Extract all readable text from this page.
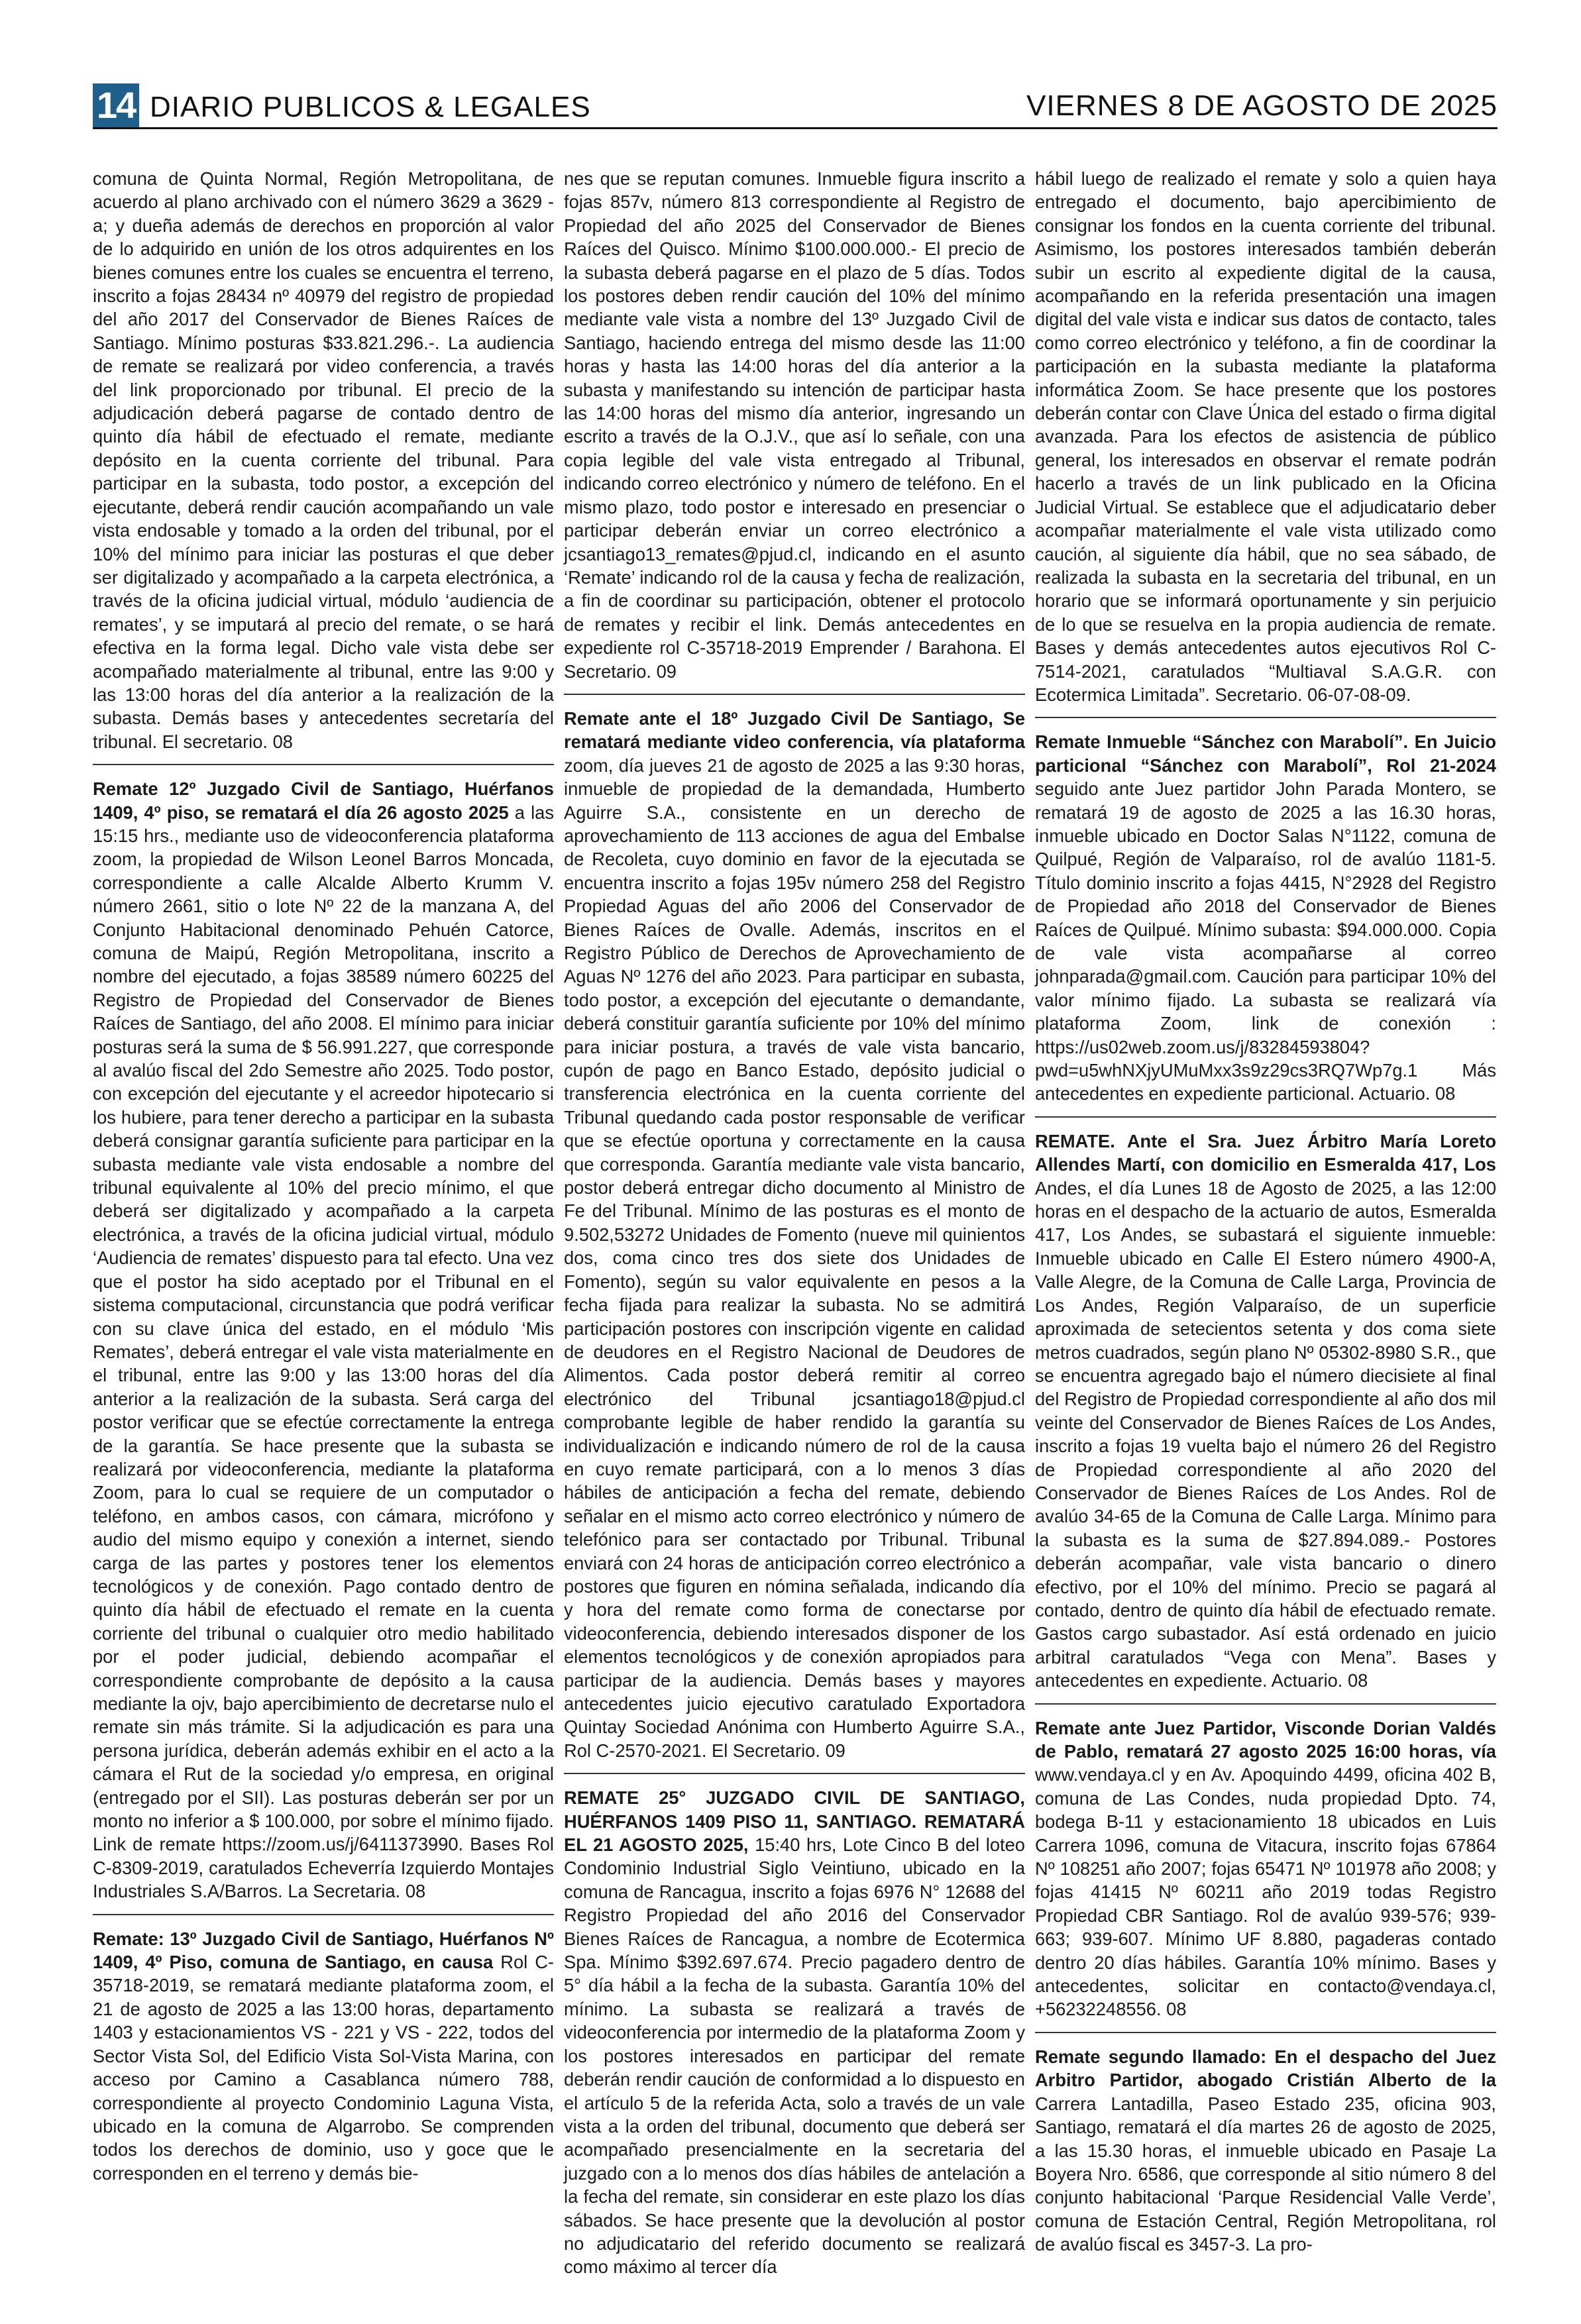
14 DIARIO PUBLICOS & LEGALES	VIERNES 8 DE AGOSTO DE 2025

comuna de Quinta Normal, Región Metropolitana, de acuerdo al plano archivado con el número 3629 a 3629 - a; y dueña además de derechos en proporción al valor de lo adquirido en unión de los otros adquirentes en los bienes comunes entre los cuales se encuentra el terreno, inscrito a fojas 28434 nº 40979 del registro de propiedad del año 2017 del Conservador de Bienes Raíces de Santiago. Mínimo posturas $33.821.296.-. La audiencia de remate se realizará por video conferencia, a través del link proporcionado por tribunal. El precio de la adjudicación deberá pagarse de contado dentro de quinto día hábil de efectuado el remate, mediante depósito en la cuenta corriente del tribunal. Para participar en la subasta, todo postor, a excepción del ejecutante, deberá rendir caución acompañando un vale vista endosable y tomado a la orden del tribunal, por el 10% del mínimo para iniciar las posturas el que deber ser digitalizado y acompañado a la carpeta electrónica, a través de la oficina judicial virtual, módulo ‘audiencia de remates’, y se imputará al precio del remate, o se hará efectiva en la forma legal. Dicho vale vista debe ser acompañado materialmente al tribunal, entre las 9:00 y las 13:00 horas del día anterior a la realización de la subasta. Demás bases y antecedentes secretaría del tribunal. El secretario. 08

Remate 12º Juzgado Civil de Santiago, Huérfanos 1409, 4º piso, se rematará el día 26 agosto 2025 a las 15:15 hrs., mediante uso de videoconferencia plataforma zoom, la propiedad de Wilson Leonel Barros Moncada, correspondiente a calle Alcalde Alberto Krumm V. número 2661, sitio o lote Nº 22 de la manzana A, del Conjunto Habitacional denominado Pehuén Catorce, comuna de Maipú, Región Metropolitana, inscrito a nombre del ejecutado, a fojas 38589 número 60225 del Registro de Propiedad del Conservador de Bienes Raíces de Santiago, del año 2008. El mínimo para iniciar posturas será la suma de $ 56.991.227, que corresponde al avalúo fiscal del 2do Semestre año 2025. Todo postor, con excepción del ejecutante y el acreedor hipotecario si los hubiere, para tener derecho a participar en la subasta deberá consignar garantía suficiente para participar en la subasta mediante vale vista endosable a nombre del tribunal equivalente al 10% del precio mínimo, el que deberá ser digitalizado y acompañado a la carpeta electrónica, a través de la oficina judicial virtual, módulo ‘Audiencia de remates’ dispuesto para tal efecto. Una vez que el postor ha sido aceptado por el Tribunal en el sistema computacional, circunstancia que podrá verificar con su clave única del estado, en el módulo ‘Mis Remates’, deberá entregar el vale vista materialmente en el tribunal, entre las 9:00 y las 13:00 horas del día anterior a la realización de la subasta. Será carga del postor verificar que se efectúe correctamente la entrega de la garantía. Se hace presente que la subasta se realizará por videoconferencia, mediante la plataforma Zoom, para lo cual se requiere de un computador o teléfono, en ambos casos, con cámara, micrófono y audio del mismo equipo y conexión a internet, siendo carga de las partes y postores tener los elementos tecnológicos y de conexión. Pago contado dentro de quinto día hábil de efectuado el remate en la cuenta corriente del tribunal o cualquier otro medio habilitado por el poder judicial, debiendo acompañar el correspondiente comprobante de depósito a la causa mediante la ojv, bajo apercibimiento de decretarse nulo el remate sin más trámite. Si la adjudicación es para una persona jurídica, deberán además exhibir en el acto a la cámara el Rut de la sociedad y/o empresa, en original (entregado por el SII). Las posturas deberán ser por un monto no inferior a $ 100.000, por sobre el mínimo fijado. Link de remate https://zoom.us/j/6411373990. Bases Rol C-8309-2019, caratulados Echeverría Izquierdo Montajes Industriales S.A/Barros. La Secretaria. 08

Remate: 13º Juzgado Civil de Santiago, Huérfanos Nº 1409, 4º Piso, comuna de Santiago, en causa Rol C-35718-2019, se rematará mediante plataforma zoom, el 21 de agosto de 2025 a las 13:00 horas, departamento 1403 y estacionamientos VS - 221 y VS - 222, todos del Sector Vista Sol, del Edificio Vista Sol-Vista Marina, con acceso por Camino a Casablanca número 788, correspondiente al proyecto Condominio Laguna Vista, ubicado en la comuna de Algarrobo. Se comprenden todos los derechos de dominio, uso y goce que le corresponden en el terreno y demás bie-

nes que se reputan comunes. Inmueble figura inscrito a fojas 857v, número 813 correspondiente al Registro de Propiedad del año 2025 del Conservador de Bienes Raíces del Quisco. Mínimo $100.000.000.- El precio de la subasta deberá pagarse en el plazo de 5 días. Todos los postores deben rendir caución del 10% del mínimo mediante vale vista a nombre del 13º Juzgado Civil de Santiago, haciendo entrega del mismo desde las 11:00 horas y hasta las 14:00 horas del día anterior a la subasta y manifestando su intención de participar hasta las 14:00 horas del mismo día anterior, ingresando un escrito a través de la O.J.V., que así lo señale, con una copia legible del vale vista entregado al Tribunal, indicando correo electrónico y número de teléfono. En el mismo plazo, todo postor e interesado en presenciar o participar deberán enviar un correo electrónico a jcsantiago13_remates@pjud.cl, indicando en el asunto ‘Remate’ indicando rol de la causa y fecha de realización, a fin de coordinar su participación, obtener el protocolo de remates y recibir el link. Demás antecedentes en expediente rol C-35718-2019 Emprender / Barahona. El Secretario. 09

Remate ante el 18º Juzgado Civil De Santiago, Se rematará mediante video conferencia, vía plataforma zoom, día jueves 21 de agosto de 2025 a las 9:30 horas, inmueble de propiedad de la demandada, Humberto Aguirre S.A., consistente en un derecho de aprovechamiento de 113 acciones de agua del Embalse de Recoleta, cuyo dominio en favor de la ejecutada se encuentra inscrito a fojas 195v número 258 del Registro Propiedad Aguas del año 2006 del Conservador de Bienes Raíces de Ovalle. Además, inscritos en el Registro Público de Derechos de Aprovechamiento de Aguas Nº 1276 del año 2023. Para participar en subasta, todo postor, a excepción del ejecutante o demandante, deberá constituir garantía suficiente por 10% del mínimo para iniciar postura, a través de vale vista bancario, cupón de pago en Banco Estado, depósito judicial o transferencia electrónica en la cuenta corriente del Tribunal quedando cada postor responsable de verificar que se efectúe oportuna y correctamente en la causa que corresponda. Garantía mediante vale vista bancario, postor deberá entregar dicho documento al Ministro de Fe del Tribunal. Mínimo de las posturas es el monto de 9.502,53272 Unidades de Fomento (nueve mil quinientos dos, coma cinco tres dos siete dos Unidades de Fomento), según su valor equivalente en pesos a la fecha fijada para realizar la subasta. No se admitirá participación postores con inscripción vigente en calidad de deudores en el Registro Nacional de Deudores de Alimentos. Cada postor deberá remitir al correo electrónico del Tribunal jcsantiago18@pjud.cl comprobante legible de haber rendido la garantía su individualización e indicando número de rol de la causa en cuyo remate participará, con a lo menos 3 días hábiles de anticipación a fecha del remate, debiendo señalar en el mismo acto correo electrónico y número de telefónico para ser contactado por Tribunal. Tribunal enviará con 24 horas de anticipación correo electrónico a postores que figuren en nómina señalada, indicando día y hora del remate como forma de conectarse por videoconferencia, debiendo interesados disponer de los elementos tecnológicos y de conexión apropiados para participar de la audiencia. Demás bases y mayores antecedentes juicio ejecutivo caratulado Exportadora Quintay Sociedad Anónima con Humberto Aguirre S.A., Rol C-2570-2021. El Secretario. 09

REMATE 25° JUZGADO CIVIL DE SANTIAGO, HUÉRFANOS 1409 PISO 11, SANTIAGO. REMATARÁ EL 21 AGOSTO 2025, 15:40 hrs, Lote Cinco B del loteo Condominio Industrial Siglo Veintiuno, ubicado en la comuna de Rancagua, inscrito a fojas 6976 N° 12688 del Registro Propiedad del año 2016 del Conservador Bienes Raíces de Rancagua, a nombre de Ecotermica Spa. Mínimo $392.697.674. Precio pagadero dentro de 5° día hábil a la fecha de la subasta. Garantía 10% del mínimo. La subasta se realizará a través de videoconferencia por intermedio de la plataforma Zoom y los postores interesados en participar del remate deberán rendir caución de conformidad a lo dispuesto en el artículo 5 de la referida Acta, solo a través de un vale vista a la orden del tribunal, documento que deberá ser acompañado presencialmente en la secretaria del juzgado con a lo menos dos días hábiles de antelación a la fecha del remate, sin considerar en este plazo los días sábados. Se hace presente que la devolución al postor no adjudicatario del referido documento se realizará como máximo al tercer día

hábil luego de realizado el remate y solo a quien haya entregado el documento, bajo apercibimiento de consignar los fondos en la cuenta corriente del tribunal. Asimismo, los postores interesados también deberán subir un escrito al expediente digital de la causa, acompañando en la referida presentación una imagen digital del vale vista e indicar sus datos de contacto, tales como correo electrónico y teléfono, a fin de coordinar la participación en la subasta mediante la plataforma informática Zoom. Se hace presente que los postores deberán contar con Clave Única del estado o firma digital avanzada. Para los efectos de asistencia de público general, los interesados en observar el remate podrán hacerlo a través de un link publicado en la Oficina Judicial Virtual. Se establece que el adjudicatario deber acompañar materialmente el vale vista utilizado como caución, al siguiente día hábil, que no sea sábado, de realizada la subasta en la secretaria del tribunal, en un horario que se informará oportunamente y sin perjuicio de lo que se resuelva en la propia audiencia de remate. Bases y demás antecedentes autos ejecutivos Rol C-7514-2021, caratulados “Multiaval S.A.G.R. con Ecotermica Limitada”. Secretario. 06-07-08-09.

Remate Inmueble “Sánchez con Marabolí”. En Juicio particional “Sánchez con Marabolí”, Rol 21-2024 seguido ante Juez partidor John Parada Montero, se rematará 19 de agosto de 2025 a las 16.30 horas, inmueble ubicado en Doctor Salas N°1122, comuna de Quilpué, Región de Valparaíso, rol de avalúo 1181-5. Título dominio inscrito a fojas 4415, N°2928 del Registro de Propiedad año 2018 del Conservador de Bienes Raíces de Quilpué. Mínimo subasta: $94.000.000. Copia de vale vista acompañarse al correo johnparada@gmail.com. Caución para participar 10% del valor mínimo fijado. La subasta se realizará vía plataforma Zoom, link de conexión : https://us02web.zoom.us/j/83284593804?pwd=u5whNXjyUMuMxx3s9z29cs3RQ7Wp7g.1 Más antecedentes en expediente particional. Actuario. 08

REMATE. Ante el Sra. Juez Árbitro María Loreto Allendes Martí, con domicilio en Esmeralda 417, Los Andes, el día Lunes 18 de Agosto de 2025, a las 12:00 horas en el despacho de la actuario de autos, Esmeralda 417, Los Andes, se subastará el siguiente inmueble: Inmueble ubicado en Calle El Estero número 4900-A, Valle Alegre, de la Comuna de Calle Larga, Provincia de Los Andes, Región Valparaíso, de un superficie aproximada de setecientos setenta y dos coma siete metros cuadrados, según plano Nº 05302-8980 S.R., que se encuentra agregado bajo el número diecisiete al final del Registro de Propiedad correspondiente al año dos mil veinte del Conservador de Bienes Raíces de Los Andes, inscrito a fojas 19 vuelta bajo el número 26 del Registro de Propiedad correspondiente al año 2020 del Conservador de Bienes Raíces de Los Andes. Rol de avalúo 34-65 de la Comuna de Calle Larga. Mínimo para la subasta es la suma de $27.894.089.- Postores deberán acompañar, vale vista bancario o dinero efectivo, por el 10% del mínimo. Precio se pagará al contado, dentro de quinto día hábil de efectuado remate. Gastos cargo subastador. Así está ordenado en juicio arbitral caratulados “Vega con Mena”. Bases y antecedentes en expediente. Actuario. 08

Remate ante Juez Partidor, Visconde Dorian Valdés de Pablo, rematará 27 agosto 2025 16:00 horas, vía www.vendaya.cl y en Av. Apoquindo 4499, oficina 402 B, comuna de Las Condes, nuda propiedad Dpto. 74, bodega B-11 y estacionamiento 18 ubicados en Luis Carrera 1096, comuna de Vitacura, inscrito fojas 67864 Nº 108251 año 2007; fojas 65471 Nº 101978 año 2008; y fojas 41415 Nº 60211 año 2019 todas Registro Propiedad CBR Santiago. Rol de avalúo 939-576; 939-663; 939-607. Mínimo UF 8.880, pagaderas contado dentro 20 días hábiles. Garantía 10% mínimo. Bases y antecedentes, solicitar en contacto@vendaya.cl, +56232248556. 08

Remate segundo llamado: En el despacho del Juez Arbitro Partidor, abogado Cristián Alberto de la Carrera Lantadilla, Paseo Estado 235, oficina 903, Santiago, rematará el día martes 26 de agosto de 2025, a las 15.30 horas, el inmueble ubicado en Pasaje La Boyera Nro. 6586, que corresponde al sitio número 8 del conjunto habitacional ‘Parque Residencial Valle Verde’, comuna de Estación Central, Región Metropolitana, rol de avalúo fiscal es 3457-3. La pro-
